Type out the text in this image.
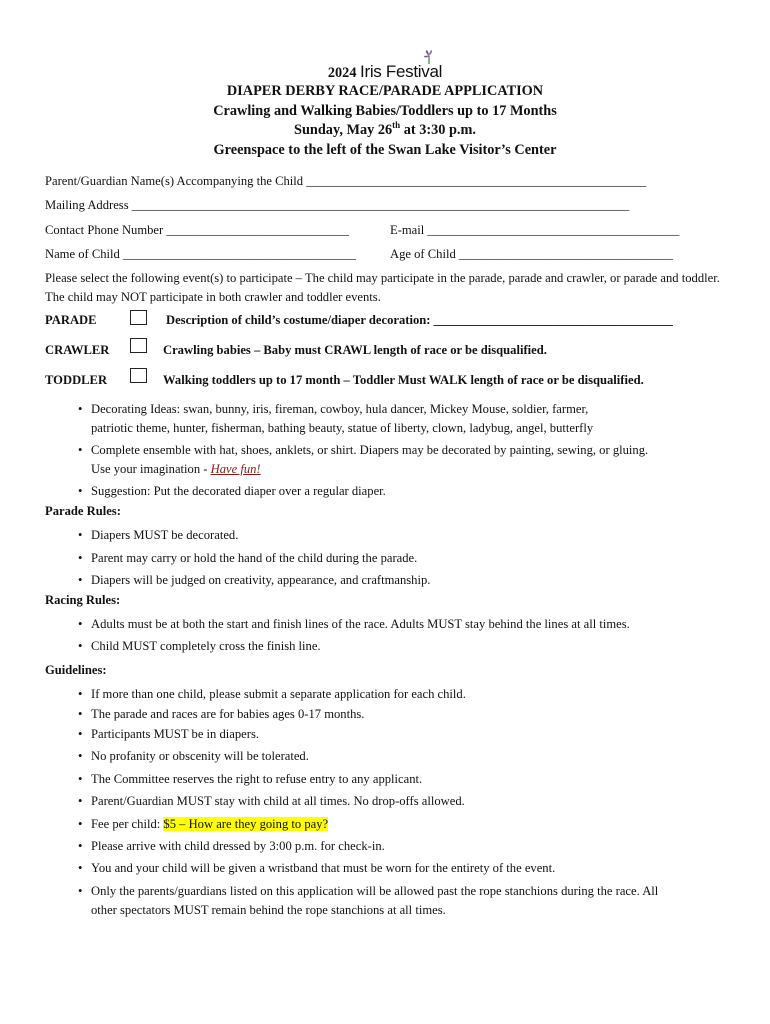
2024 Iris Festival
DIAPER DERBY RACE/PARADE APPLICATION
Crawling and Walking Babies/Toddlers up to 17 Months
Sunday, May 26th at 3:30 p.m.
Greenspace to the left of the Swan Lake Visitor’s Center
Parent/Guardian Name(s) Accompanying the Child ______________________________________________________
Mailing Address _______________________________________________________________________________
Contact Phone Number _____________________________	E-mail ________________________________________
Name of Child _____________________________________	Age of Child __________________________________
Please select the following event(s) to participate – The child may participate in the parade, parade and crawler, or parade and toddler. The child may NOT participate in both crawler and toddler events.
PARADE	Description of child’s costume/diaper decoration: ______________________________________
CRAWLER	Crawling babies – Baby must CRAWL length of race or be disqualified.
TODDLER	Walking toddlers up to 17 month – Toddler Must WALK length of race or be disqualified.
• Decorating Ideas: swan, bunny, iris, fireman, cowboy, hula dancer, Mickey Mouse, soldier, farmer,
patriotic theme, hunter, fisherman, bathing beauty, statue of liberty, clown, ladybug, angel, butterfly
• Complete ensemble with hat, shoes, anklets, or shirt. Diapers may be decorated by painting, sewing, or gluing.
Use your imagination - Have fun!
• Suggestion: Put the decorated diaper over a regular diaper.
Parade Rules:
• Diapers MUST be decorated.
• Parent may carry or hold the hand of the child during the parade.
• Diapers will be judged on creativity, appearance, and craftmanship.
Racing Rules:
• Adults must be at both the start and finish lines of the race. Adults MUST stay behind the lines at all times.
• Child MUST completely cross the finish line.
Guidelines:
• If more than one child, please submit a separate application for each child.
• The parade and races are for babies ages 0-17 months.
• Participants MUST be in diapers.
• No profanity or obscenity will be tolerated.
• The Committee reserves the right to refuse entry to any applicant.
• Parent/Guardian MUST stay with child at all times. No drop-offs allowed.
• Fee per child: $5 – How are they going to pay?
• Please arrive with child dressed by 3:00 p.m. for check-in.
• You and your child will be given a wristband that must be worn for the entirety of the event.
• Only the parents/guardians listed on this application will be allowed past the rope stanchions during the race. All
other spectators MUST remain behind the rope stanchions at all times.
